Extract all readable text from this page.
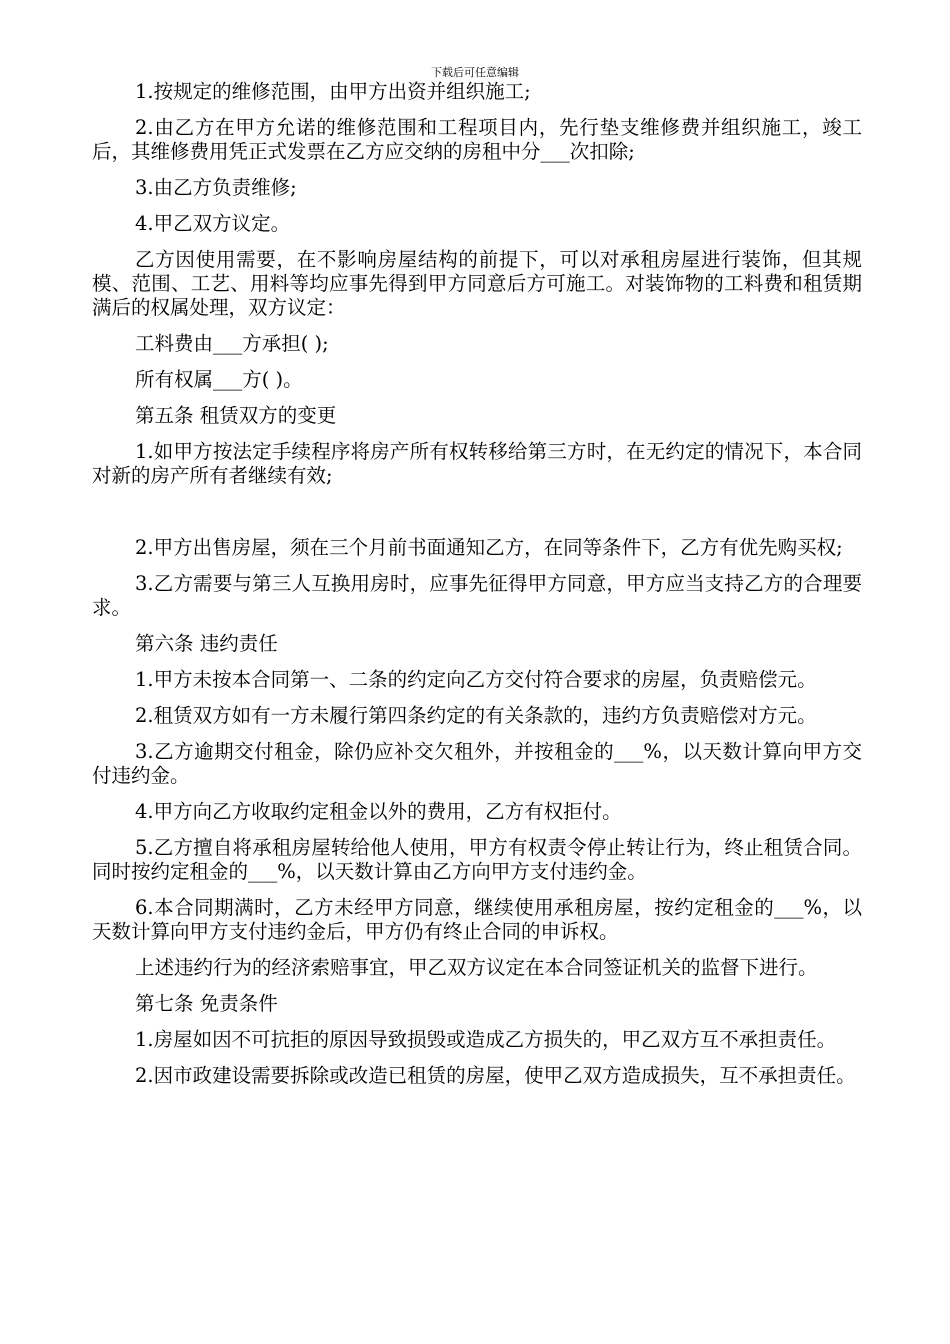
下载后可任意编辑

1.按规定的维修范围，由甲方出资并组织施工;

2.由乙方在甲方允诺的维修范围和工程项目内，先行垫支维修费并组织施工，竣工后，其维修费用凭正式发票在乙方应交纳的房租中分___次扣除;

3.由乙方负责维修;

4.甲乙双方议定。

乙方因使用需要，在不影响房屋结构的前提下，可以对承租房屋进行装饰，但其规模、范围、工艺、用料等均应事先得到甲方同意后方可施工。对装饰物的工料费和租赁期满后的权属处理，双方议定：

工料费由___方承担( );

所有权属___方( )。

第五条 租赁双方的变更

1.如甲方按法定手续程序将房产所有权转移给第三方时，在无约定的情况下，本合同对新的房产所有者继续有效;

2.甲方出售房屋，须在三个月前书面通知乙方，在同等条件下，乙方有优先购买权;

3.乙方需要与第三人互换用房时，应事先征得甲方同意，甲方应当支持乙方的合理要求。

第六条 违约责任

1.甲方未按本合同第一、二条的约定向乙方交付符合要求的房屋，负责赔偿元。

2.租赁双方如有一方未履行第四条约定的有关条款的，违约方负责赔偿对方元。

3.乙方逾期交付租金，除仍应补交欠租外，并按租金的___%，以天数计算向甲方交付违约金。

4.甲方向乙方收取约定租金以外的费用，乙方有权拒付。

5.乙方擅自将承租房屋转给他人使用，甲方有权责令停止转让行为，终止租赁合同。同时按约定租金的___%，以天数计算由乙方向甲方支付违约金。

6.本合同期满时，乙方未经甲方同意，继续使用承租房屋，按约定租金的___%，以天数计算向甲方支付违约金后，甲方仍有终止合同的申诉权。

上述违约行为的经济索赔事宜，甲乙双方议定在本合同签证机关的监督下进行。

第七条 免责条件

1.房屋如因不可抗拒的原因导致损毁或造成乙方损失的，甲乙双方互不承担责任。

2.因市政建设需要拆除或改造已租赁的房屋，使甲乙双方造成损失，互不承担责任。
